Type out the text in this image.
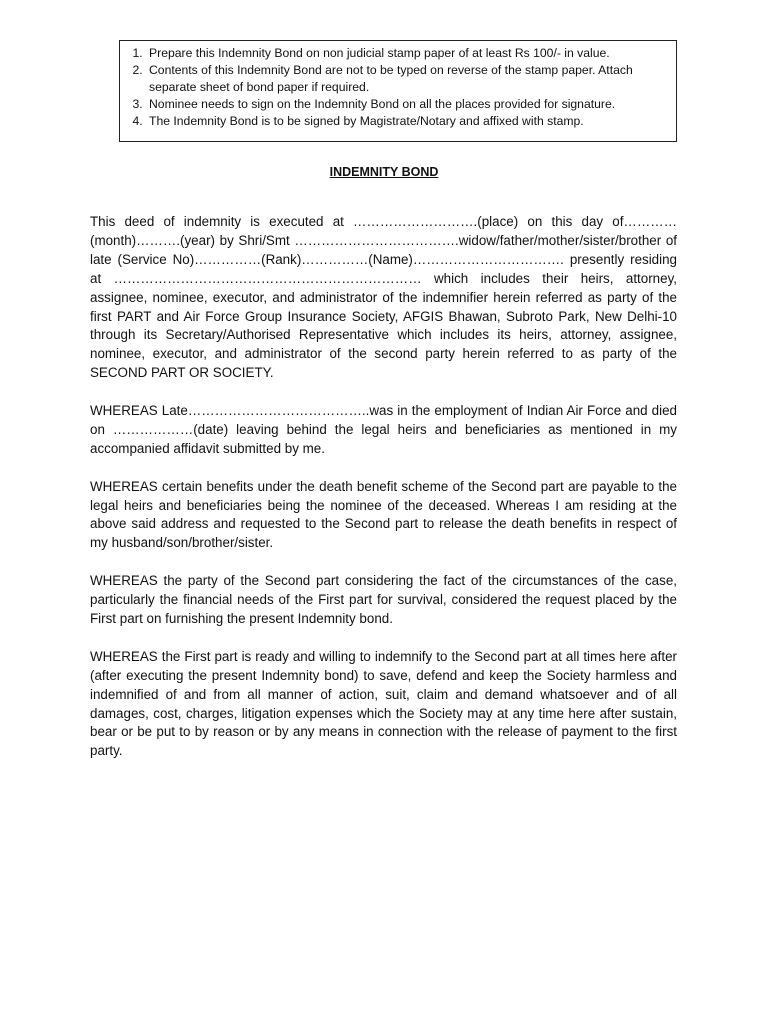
1. Prepare this Indemnity Bond on non judicial stamp paper of at least Rs 100/- in value.
2. Contents of this Indemnity Bond are not to be typed on reverse of the stamp paper. Attach separate sheet of bond paper if required.
3. Nominee needs to sign on the Indemnity Bond on all the places provided for signature.
4. The Indemnity Bond is to be signed by Magistrate/Notary and affixed with stamp.
INDEMNITY BOND

This deed of indemnity is executed at ……………………….(place) on this day of…………(month)……….(year) by Shri/Smt ……………………………….widow/father/mother/sister/brother of late (Service No)……………(Rank)……………(Name)……………………………. presently residing at …………………………………………………………… which includes their heirs, attorney, assignee, nominee, executor, and administrator of the indemnifier herein referred as party of the first PART and Air Force Group Insurance Society, AFGIS Bhawan, Subroto Park, New Delhi-10 through its Secretary/Authorised Representative which includes its heirs, attorney, assignee, nominee, executor, and administrator of the second party herein referred to as party of the SECOND PART OR SOCIETY.

WHEREAS Late…………………………………..was in the employment of Indian Air Force and died on ………………(date) leaving behind the legal heirs and beneficiaries as mentioned in my accompanied affidavit submitted by me.

WHEREAS certain benefits under the death benefit scheme of the Second part are payable to the legal heirs and beneficiaries being the nominee of the deceased. Whereas I am residing at the above said address and requested to the Second part to release the death benefits in respect of my husband/son/brother/sister.

WHEREAS the party of the Second part considering the fact of the circumstances of the case, particularly the financial needs of the First part for survival, considered the request placed by the First part on furnishing the present Indemnity bond.

WHEREAS the First part is ready and willing to indemnify to the Second part at all times here after (after executing the present Indemnity bond) to save, defend and keep the Society harmless and indemnified of and from all manner of action, suit, claim and demand whatsoever and of all damages, cost, charges, litigation expenses which the Society may at any time here after sustain, bear or be put to by reason or by any means in connection with the release of payment to the first party.
